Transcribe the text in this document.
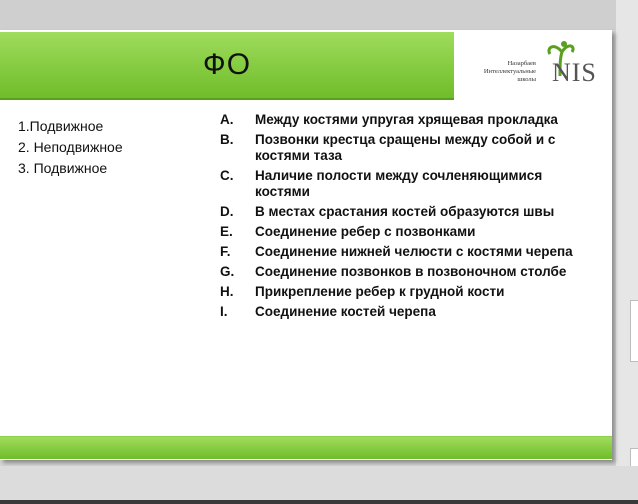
ФО	Назарбаев
Интеллектуальные
школы NIS
1.Подвижное
2. Неподвижное
3. Подвижное
A.	Между костями упругая хрящевая прокладка
B.	Позвонки крестца сращены между собой и с костями таза
C.	Наличие полости между сочленяющимися костями
D.	В местах срастания костей образуются швы
E.	Соединение ребер с позвонками
F.	Соединение нижней челюсти с костями черепа
G.	Соединение позвонков в позвоночном столбе
H.	Прикрепление ребер к грудной кости
I.	Соединение костей черепа
